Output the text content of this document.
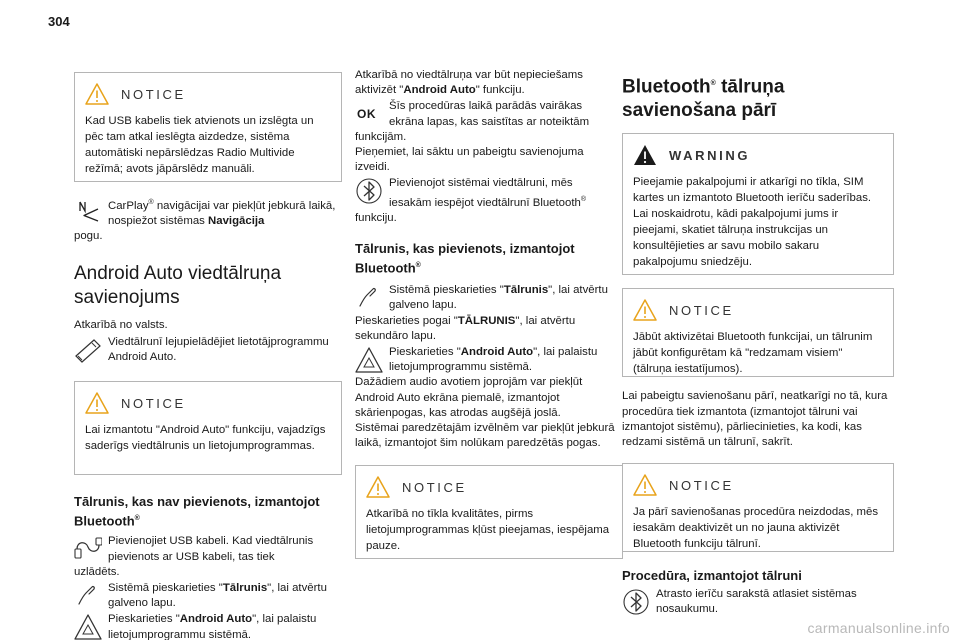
304
NOTICE
Kad USB kabelis tiek atvienots un izslēgta un pēc tam atkal ieslēgta aizdedze, sistēma automātiski nepārslēdzas Radio Multivide režīmā; avots jāpārslēdz manuāli.
CarPlay® navigācijai var piekļūt jebkurā laikā, nospiežot sistēmas Navigācija
pogu.
Android Auto viedtālruņa savienojums
Atkarībā no valsts.
Viedtālrunī lejupielādējiet lietotājprogrammu Android Auto.
NOTICE
Lai izmantotu "Android Auto" funkciju, vajadzīgs saderīgs viedtālrunis un lietojumprogrammas.
Tālrunis, kas nav pievienots, izmantojot Bluetooth®
Pievienojiet USB kabeli. Kad viedtālrunis pievienots ar USB kabeli, tas tiek
uzlādēts.
Sistēmā pieskarieties "Tālrunis", lai atvērtu galveno lapu.
Pieskarieties "Android Auto", lai palaistu lietojumprogrammu sistēmā.
Atkarībā no viedtālruņa var būt nepieciešams aktivizēt "Android Auto" funkciju.
OK
Šīs procedūras laikā parādās vairākas ekrāna lapas, kas saistītas ar noteiktām
funkcijām.
Pieņemiet, lai sāktu un pabeigtu savienojuma izveidi.
Pievienojot sistēmai viedtālruni, mēs iesakām iespējot viedtālrunī Bluetooth®
funkciju.
Tālrunis, kas pievienots, izmantojot Bluetooth®
Sistēmā pieskarieties "Tālrunis", lai atvērtu galveno lapu.
Pieskarieties pogai "TĀLRUNIS", lai atvērtu sekundāro lapu.
Pieskarieties "Android Auto", lai palaistu lietojumprogrammu sistēmā.
Dažādiem audio avotiem joprojām var piekļūt Android Auto ekrāna piemalē, izmantojot skārienpogas, kas atrodas augšējā joslā.
Sistēmai paredzētajām izvēlnēm var piekļūt jebkurā laikā, izmantojot šim nolūkam paredzētās pogas.
NOTICE
Atkarībā no tīkla kvalitātes, pirms lietojumprogrammas kļūst pieejamas, iespējama pauze.
Bluetooth® tālruņa savienošana pārī
WARNING
Pieejamie pakalpojumi ir atkarīgi no tīkla, SIM kartes un izmantoto Bluetooth ierīču saderības. Lai noskaidrotu, kādi pakalpojumi jums ir pieejami, skatiet tālruņa instrukcijas un konsultējieties ar savu mobilo sakaru pakalpojumu sniedzēju.
NOTICE
Jābūt aktivizētai Bluetooth funkcijai, un tālrunim jābūt konfigurētam kā "redzamam visiem" (tālruņa iestatījumos).
Lai pabeigtu savienošanu pārī, neatkarīgi no tā, kura procedūra tiek izmantota (izmantojot tālruni vai izmantojot sistēmu), pārliecinieties, ka kodi, kas redzami sistēmā un tālrunī, sakrīt.
NOTICE
Ja pārī savienošanas procedūra neizdodas, mēs iesakām deaktivizēt un no jauna aktivizēt Bluetooth funkciju tālrunī.
Procedūra, izmantojot tālruni
Atrasto ierīču sarakstā atlasiet sistēmas nosaukumu.
carmanualsonline.info
